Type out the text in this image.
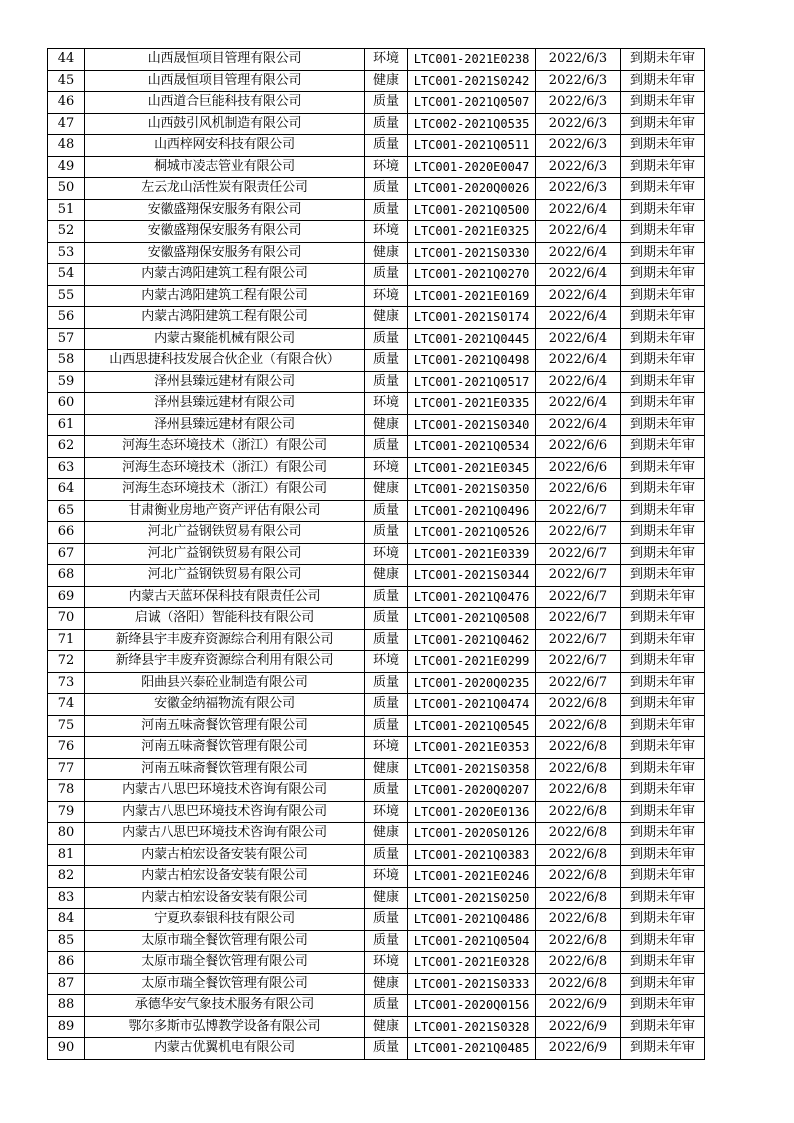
44	山西晟恒项目管理有限公司	环境	LTC001-2021E0238	2022/6/3	到期未年审
45	山西晟恒项目管理有限公司	健康	LTC001-2021S0242	2022/6/3	到期未年审
46	山西道合巨能科技有限公司	质量	LTC001-2021Q0507	2022/6/3	到期未年审
47	山西鼓引风机制造有限公司	质量	LTC002-2021Q0535	2022/6/3	到期未年审
48	山西梓网安科技有限公司	质量	LTC001-2021Q0511	2022/6/3	到期未年审
49	桐城市凌志管业有限公司	环境	LTC001-2020E0047	2022/6/3	到期未年审
50	左云龙山活性炭有限责任公司	质量	LTC001-2020Q0026	2022/6/3	到期未年审
51	安徽盛翔保安服务有限公司	质量	LTC001-2021Q0500	2022/6/4	到期未年审
52	安徽盛翔保安服务有限公司	环境	LTC001-2021E0325	2022/6/4	到期未年审
53	安徽盛翔保安服务有限公司	健康	LTC001-2021S0330	2022/6/4	到期未年审
54	内蒙古鸿阳建筑工程有限公司	质量	LTC001-2021Q0270	2022/6/4	到期未年审
55	内蒙古鸿阳建筑工程有限公司	环境	LTC001-2021E0169	2022/6/4	到期未年审
56	内蒙古鸿阳建筑工程有限公司	健康	LTC001-2021S0174	2022/6/4	到期未年审
57	内蒙古聚能机械有限公司	质量	LTC001-2021Q0445	2022/6/4	到期未年审
58	山西思捷科技发展合伙企业（有限合伙）	质量	LTC001-2021Q0498	2022/6/4	到期未年审
59	泽州县臻远建材有限公司	质量	LTC001-2021Q0517	2022/6/4	到期未年审
60	泽州县臻远建材有限公司	环境	LTC001-2021E0335	2022/6/4	到期未年审
61	泽州县臻远建材有限公司	健康	LTC001-2021S0340	2022/6/4	到期未年审
62	河海生态环境技术（浙江）有限公司	质量	LTC001-2021Q0534	2022/6/6	到期未年审
63	河海生态环境技术（浙江）有限公司	环境	LTC001-2021E0345	2022/6/6	到期未年审
64	河海生态环境技术（浙江）有限公司	健康	LTC001-2021S0350	2022/6/6	到期未年审
65	甘肃衡业房地产资产评估有限公司	质量	LTC001-2021Q0496	2022/6/7	到期未年审
66	河北广益钢铁贸易有限公司	质量	LTC001-2021Q0526	2022/6/7	到期未年审
67	河北广益钢铁贸易有限公司	环境	LTC001-2021E0339	2022/6/7	到期未年审
68	河北广益钢铁贸易有限公司	健康	LTC001-2021S0344	2022/6/7	到期未年审
69	内蒙古天蓝环保科技有限责任公司	质量	LTC001-2021Q0476	2022/6/7	到期未年审
70	启诚（洛阳）智能科技有限公司	质量	LTC001-2021Q0508	2022/6/7	到期未年审
71	新绛县宇丰废弃资源综合利用有限公司	质量	LTC001-2021Q0462	2022/6/7	到期未年审
72	新绛县宇丰废弃资源综合利用有限公司	环境	LTC001-2021E0299	2022/6/7	到期未年审
73	阳曲县兴泰砼业制造有限公司	质量	LTC001-2020Q0235	2022/6/7	到期未年审
74	安徽金纳福物流有限公司	质量	LTC001-2021Q0474	2022/6/8	到期未年审
75	河南五味斋餐饮管理有限公司	质量	LTC001-2021Q0545	2022/6/8	到期未年审
76	河南五味斋餐饮管理有限公司	环境	LTC001-2021E0353	2022/6/8	到期未年审
77	河南五味斋餐饮管理有限公司	健康	LTC001-2021S0358	2022/6/8	到期未年审
78	内蒙古八思巴环境技术咨询有限公司	质量	LTC001-2020Q0207	2022/6/8	到期未年审
79	内蒙古八思巴环境技术咨询有限公司	环境	LTC001-2020E0136	2022/6/8	到期未年审
80	内蒙古八思巴环境技术咨询有限公司	健康	LTC001-2020S0126	2022/6/8	到期未年审
81	内蒙古柏宏设备安装有限公司	质量	LTC001-2021Q0383	2022/6/8	到期未年审
82	内蒙古柏宏设备安装有限公司	环境	LTC001-2021E0246	2022/6/8	到期未年审
83	内蒙古柏宏设备安装有限公司	健康	LTC001-2021S0250	2022/6/8	到期未年审
84	宁夏玖泰银科技有限公司	质量	LTC001-2021Q0486	2022/6/8	到期未年审
85	太原市瑞全餐饮管理有限公司	质量	LTC001-2021Q0504	2022/6/8	到期未年审
86	太原市瑞全餐饮管理有限公司	环境	LTC001-2021E0328	2022/6/8	到期未年审
87	太原市瑞全餐饮管理有限公司	健康	LTC001-2021S0333	2022/6/8	到期未年审
88	承德华安气象技术服务有限公司	质量	LTC001-2020Q0156	2022/6/9	到期未年审
89	鄂尔多斯市弘博教学设备有限公司	健康	LTC001-2021S0328	2022/6/9	到期未年审
90	内蒙古优翼机电有限公司	质量	LTC001-2021Q0485	2022/6/9	到期未年审
